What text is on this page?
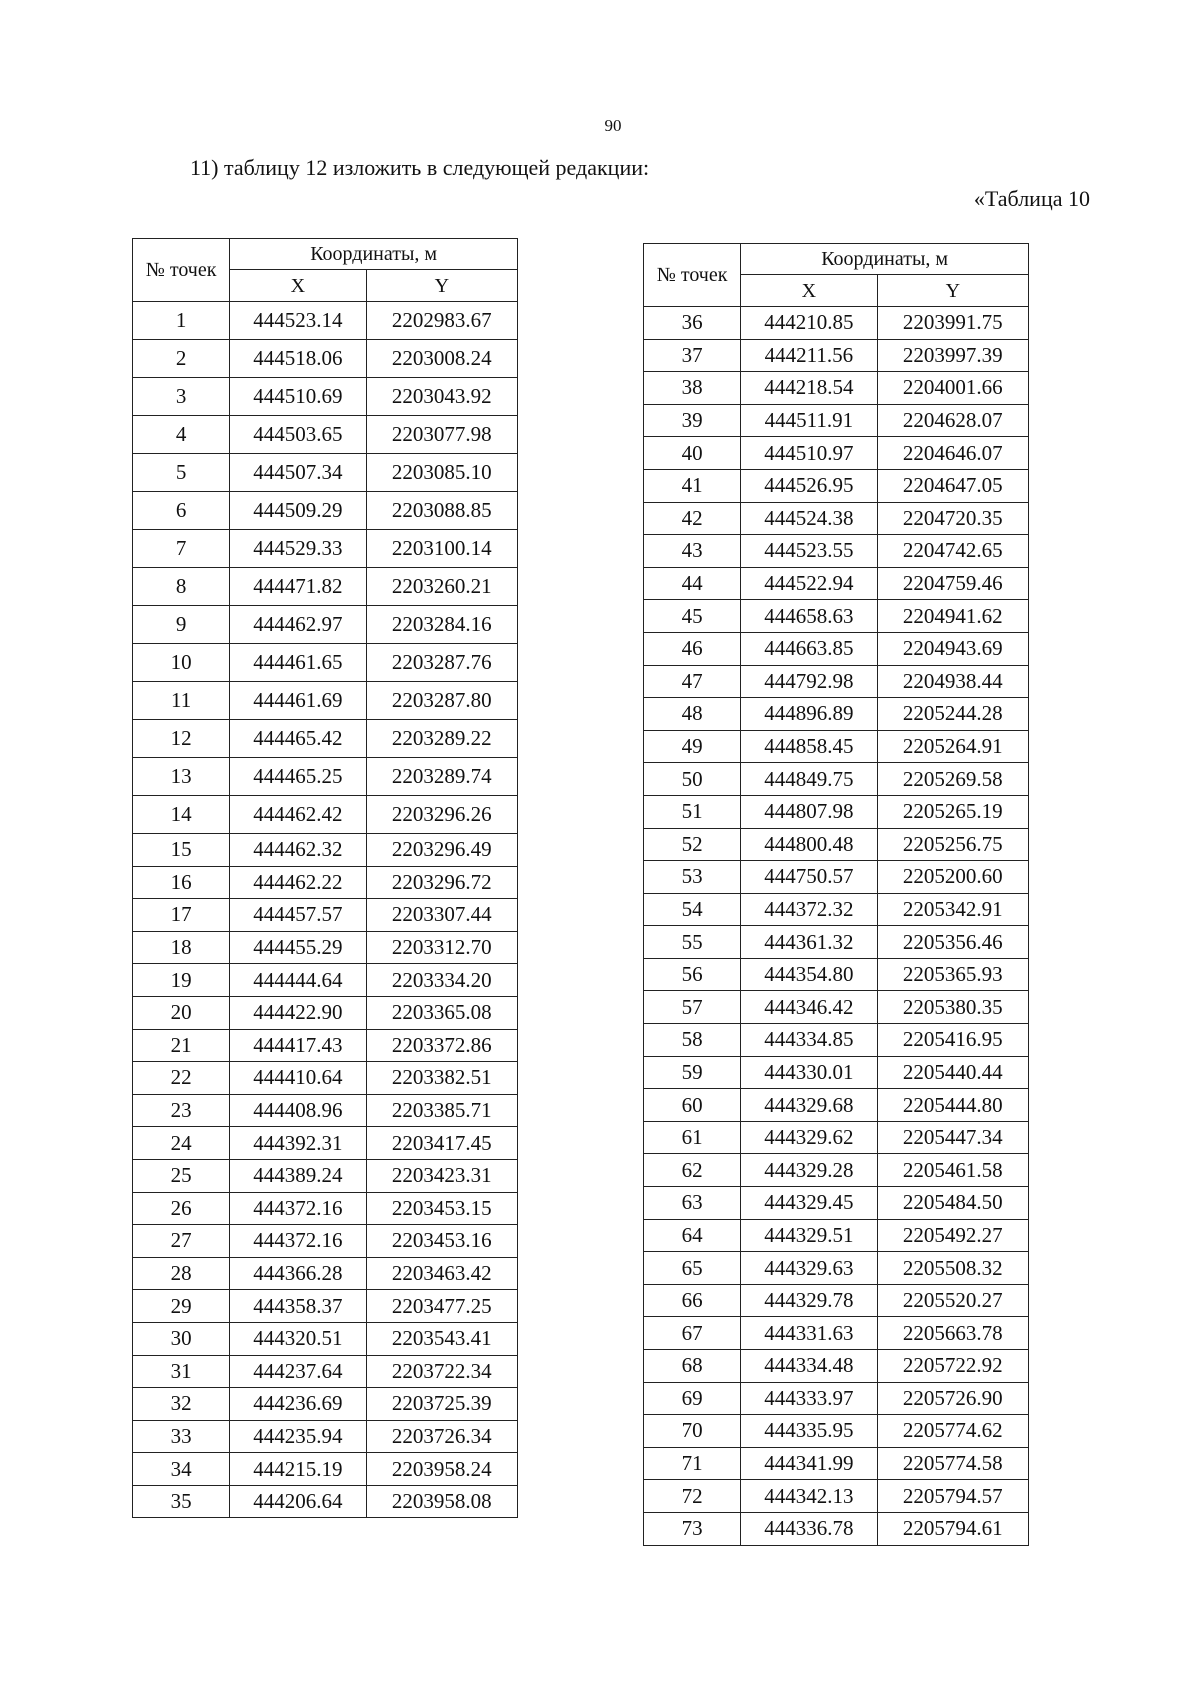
90
11) таблицу 12 изложить в следующей редакции:
«Таблица 10
№ точек	Координаты, м	
	X	Y
1	444523.14	2202983.67
2	444518.06	2203008.24
3	444510.69	2203043.92
4	444503.65	2203077.98
5	444507.34	2203085.10
6	444509.29	2203088.85
7	444529.33	2203100.14
8	444471.82	2203260.21
9	444462.97	2203284.16
10	444461.65	2203287.76
11	444461.69	2203287.80
12	444465.42	2203289.22
13	444465.25	2203289.74
14	444462.42	2203296.26
15	444462.32	2203296.49
16	444462.22	2203296.72
17	444457.57	2203307.44
18	444455.29	2203312.70
19	444444.64	2203334.20
20	444422.90	2203365.08
21	444417.43	2203372.86
22	444410.64	2203382.51
23	444408.96	2203385.71
24	444392.31	2203417.45
25	444389.24	2203423.31
26	444372.16	2203453.15
27	444372.16	2203453.16
28	444366.28	2203463.42
29	444358.37	2203477.25
30	444320.51	2203543.41
31	444237.64	2203722.34
32	444236.69	2203725.39
33	444235.94	2203726.34
34	444215.19	2203958.24
35	444206.64	2203958.08
№ точек	Координаты, м	
	X	Y
36	444210.85	2203991.75
37	444211.56	2203997.39
38	444218.54	2204001.66
39	444511.91	2204628.07
40	444510.97	2204646.07
41	444526.95	2204647.05
42	444524.38	2204720.35
43	444523.55	2204742.65
44	444522.94	2204759.46
45	444658.63	2204941.62
46	444663.85	2204943.69
47	444792.98	2204938.44
48	444896.89	2205244.28
49	444858.45	2205264.91
50	444849.75	2205269.58
51	444807.98	2205265.19
52	444800.48	2205256.75
53	444750.57	2205200.60
54	444372.32	2205342.91
55	444361.32	2205356.46
56	444354.80	2205365.93
57	444346.42	2205380.35
58	444334.85	2205416.95
59	444330.01	2205440.44
60	444329.68	2205444.80
61	444329.62	2205447.34
62	444329.28	2205461.58
63	444329.45	2205484.50
64	444329.51	2205492.27
65	444329.63	2205508.32
66	444329.78	2205520.27
67	444331.63	2205663.78
68	444334.48	2205722.92
69	444333.97	2205726.90
70	444335.95	2205774.62
71	444341.99	2205774.58
72	444342.13	2205794.57
73	444336.78	2205794.61
